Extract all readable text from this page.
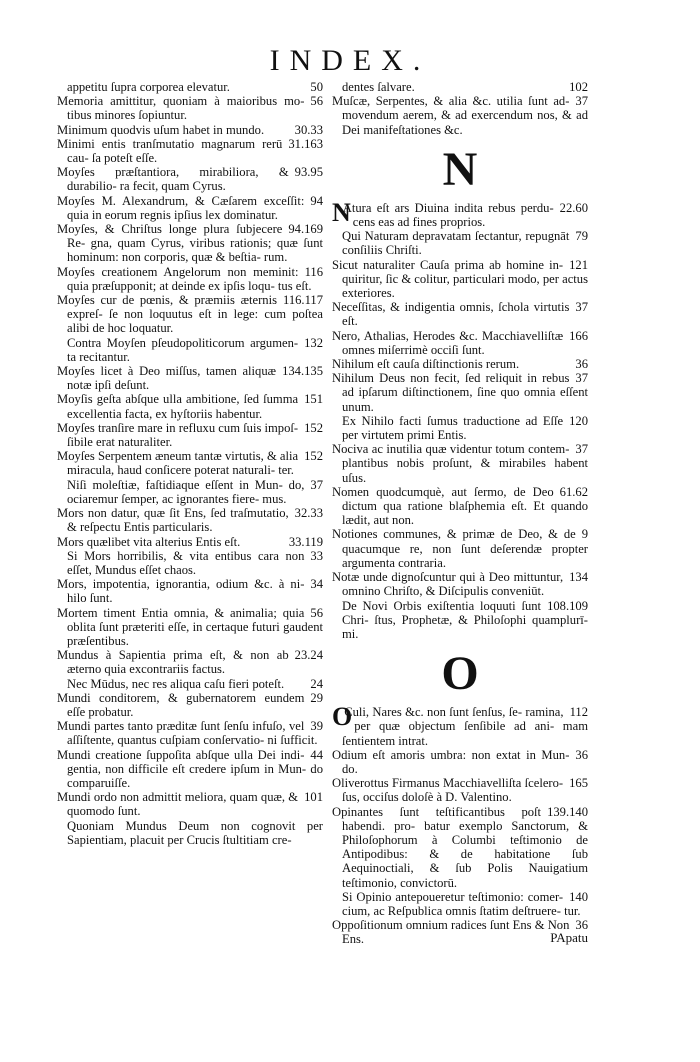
INDEX.

50
appetitu ſupra corporea elevatur.

56
Memoria amittitur, quoniam à maioribus mo- tibus minores ſopiuntur.

30.33
Minimum quodvis uſum habet in mundo.

31.163
Minimi entis tranſmutatio magnarum rerū cau- ſa poteſt eſſe.

93.95
Moyſes præſtantiora, mirabiliora, & durabilio- ra fecit, quam Cyrus.

94
Moyſes M. Alexandrum, & Cæſarem exceſſit: quia in eorum regnis ipſius lex dominatur.

94.169
Moyſes, & Chriſtus longe plura ſubjecere Re- gna, quam Cyrus, viribus rationis; quæ ſunt hominum: non corporis, quæ & beſtia- rum.

116
Moyſes creationem Angelorum non meminit: quia præſupponit; at deinde ex ipſis loqu- tus eſt.

116.117
Moyſes cur de pœnis, & præmiis æternis expreſ- ſe non loquutus eſt in lege: cum poſtea alibi de hoc loquatur.

132
Contra Moyſen pſeudopoliticorum argumen- ta recitantur.

134.135
Moyſes licet à Deo miſſus, tamen aliquæ notæ ipſi deſunt.

151
Moyſis geſta abſque ulla ambitione, ſed ſumma excellentia facta, ex hyſtoriis habentur.

152
Moyſes tranſire mare in refluxu cum ſuis impoſ- ſibile erat naturaliter.

152
Moyſes Serpentem æneum tantæ virtutis, & alia miracula, haud conſicere poterat naturali- ter.

37
Niſi moleſtiæ, faſtidiaque eſſent in Mun- do, ociaremur ſemper, ac ignorantes fiere- mus.

32.33
Mors non datur, quæ ſit Ens, ſed traſmutatio, & reſpectu Entis particularis.

33.119
Mors quælibet vita alterius Entis eſt.

33
Si Mors horribilis, & vita entibus cara non eſſet, Mundus eſſet chaos.

34
Mors, impotentia, ignorantia, odium &c. à ni- hilo ſunt.

56
Mortem timent Entia omnia, & animalia; quia oblita ſunt præteriti eſſe, in certaque futuri gaudent præſentibus.

23.24
Mundus à Sapientia prima eſt, & non ab æterno quia excontrariis factus.

24
Nec Mūdus, nec res aliqua caſu fieri poteſt.

29
Mundi conditorem, & gubernatorem eundem eſſe probatur.

39
Mundi partes tanto præditæ ſunt ſenſu infuſo, vel aſſiſtente, quantus cuſpiam conſervatio- ni ſufficit.

44
Mundi creatione ſuppoſita abſque ulla Dei indi- gentia, non difficile eſt credere ipſum in Mun- do comparuiſſe.

101
Mundi ordo non admittit meliora, quam quæ, & quomodo ſunt.

Quoniam Mundus Deum non cognovit per Sapientiam, placuit per Crucis ſtultitiam cre-

102
dentes ſalvare.

37
Muſcæ, Serpentes, & alia &c. utilia ſunt ad- movendum aerem, & ad exercendum nos, & ad Dei manifeſtationes &c.

N

N	22.60
Atura eſt ars Diuina indita rebus perdu- cens eas ad fines proprios.

79
Qui Naturam depravatam ſectantur, repugnāt conſiliis Chriſti.

121
Sicut naturaliter Cauſa prima ab homine in- quiritur, ſic & colitur, particulari modo, per actus exteriores.

37
Neceſſitas, & indigentia omnis, ſchola virtutis eſt.

166
Nero, Athalias, Herodes &c. Macchiavelliſtæ omnes miſerrimè occiſi ſunt.

36
Nihilum eſt cauſa diſtinctionis rerum.

37
Nihilum Deus non fecit, ſed reliquit in rebus ad ipſarum diſtinctionem, ſine quo omnia eſſent unum.

120
Ex Nihilo facti ſumus traductione ad Eſſe per virtutem primi Entis.

37
Nociva ac inutilia quæ videntur totum contem- plantibus nobis proſunt, & mirabiles habent uſus.

61.62
Nomen quodcumquè, aut ſermo, de Deo dictum qua ratione blaſphemia eſt. Et quando lædit, aut non.

9
Notiones communes, & primæ de Deo, & de quacumque re, non ſunt deſerendæ propter argumenta contraria.

134
Notæ unde dignoſcuntur qui à Deo mittuntur, omnino Chriſto, & Diſcipulis conveniūt.

108.109
De Novi Orbis exiſtentia loquuti ſunt Chri- ſtus, Prophetæ, & Philoſophi quamplurī- mi.

O

O	112
Culi, Nares &c. non ſunt ſenſus, ſe- ramina, per quæ objectum ſenſibile ad ani- mam ſentientem intrat.

36
Odium eſt amoris umbra: non extat in Mun- do.

165
Oliverottus Firmanus Macchiavelliſta ſcelero- ſus, occiſus doloſè à D. Valentino.

139.140
Opinantes ſunt teſtificantibus poſt habendi. pro- batur exemplo Sanctorum, & Philoſophorum à Columbi teſtimonio de Antipodibus: & de habitatione ſub Aequinoctiali, & ſub Polis Nauigatium teſtimonio, convictorū.

140
Si Opinio antepoueretur teſtimonio: comer- cium, ac Reſpublica omnis ſtatim deſtruere- tur.

36
Oppoſitionum omnium radices ſunt Ens & Non Ens.	PApatu
